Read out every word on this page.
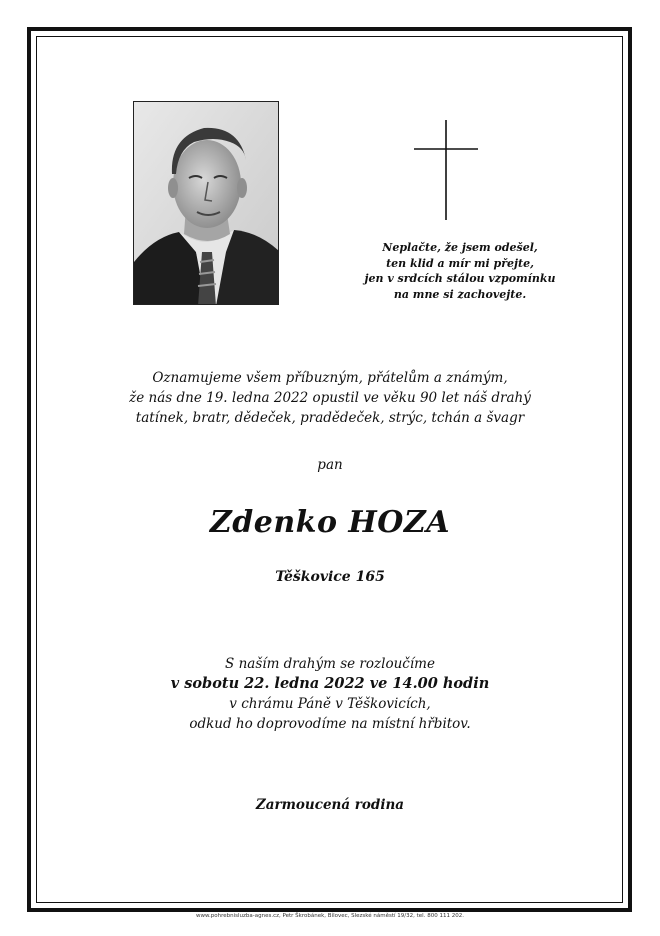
Neplačte, že jsem odešel,
ten klid a mír mi přejte,
jen v srdcích stálou vzpomínku
na mne si zachovejte.
Oznamujeme všem příbuzným, přátelům a známým,
že nás dne 19. ledna 2022 opustil ve věku 90 let náš drahý
tatínek, bratr, dědeček, pradědeček, strýc, tchán a švagr
pan
Zdenko HOZA
Těškovice 165
S naším drahým se rozloučíme
v sobotu 22. ledna 2022 ve 14.00 hodin
v chrámu Páně v Těškovicích,
odkud ho doprovodíme na místní hřbitov.
Zarmoucená rodina
www.pohrebnisluzba-agnes.cz, Petr Škrobánek, Bílovec, Slezské náměstí 19/32, tel. 800 111 202.
